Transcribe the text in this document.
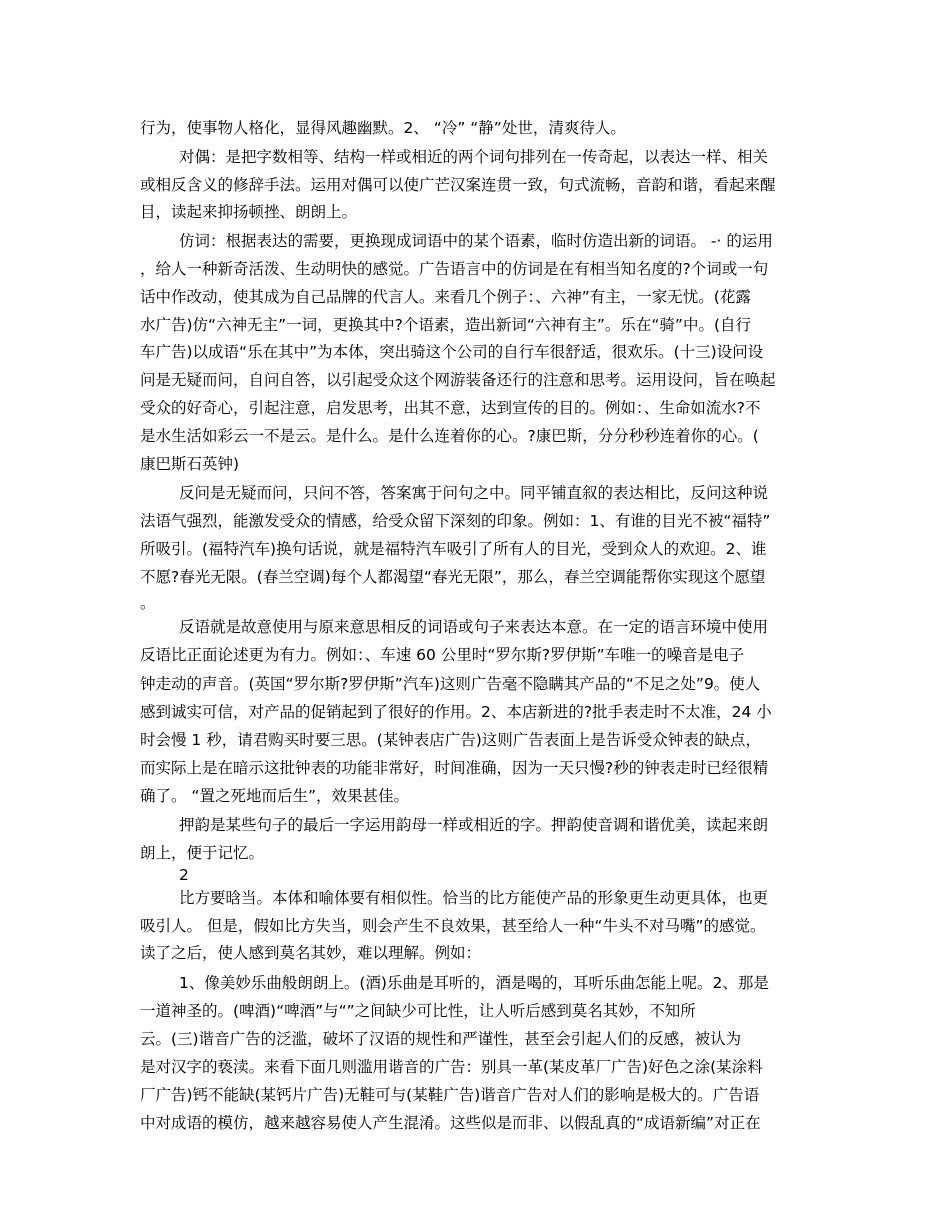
行为，使事物人格化，显得风趣幽默。2、 “冷” “静”处世，清爽待人。
对偶：是把字数相等、结构一样或相近的两个词句排列在一传奇起，以表达一样、相关
或相反含义的修辞手法。运用对偶可以使广芒汉案连贯一致，句式流畅，音韵和谐，看起来醒
目，读起来抑扬顿挫、朗朗上。
仿词：根据表达的需要，更换现成词语中的某个语素，临时仿造出新的词语。 -· 的运用
，给人一种新奇活泼、生动明快的感觉。广告语言中的仿词是在有相当知名度的?个词或一句
话中作改动，使其成为自己品牌的代言人。来看几个例子：、六神”有主，一家无忧。(花露
水广告)仿“六神无主”一词，更换其中?个语素，造出新词“六神有主”。乐在“骑”中。(自行
车广告)以成语“乐在其中”为本体，突出骑这个公司的自行车很舒适，很欢乐。(十三)设问设
问是无疑而问，自问自答，以引起受众这个网游装备还行的注意和思考。运用设问，旨在唤起
受众的好奇心，引起注意，启发思考，出其不意，达到宣传的目的。例如：、生命如流水?不
是水生活如彩云一不是云。是什么。是什么连着你的心。?康巴斯，分分秒秒连着你的心。(
康巴斯石英钟)
反问是无疑而问，只问不答，答案寓于问句之中。同平铺直叙的表达相比，反问这种说
法语气强烈，能激发受众的情感，给受众留下深刻的印象。例如：1、有谁的目光不被“福特”
所吸引。(福特汽车)换句话说，就是福特汽车吸引了所有人的目光，受到众人的欢迎。2、谁
不愿?春光无限。(春兰空调)每个人都渴望“春光无限”，那么，春兰空调能帮你实现这个愿望
。
反语就是故意使用与原来意思相反的词语或句子来表达本意。在一定的语言环境中使用
反语比正面论述更为有力。例如：、车速 60 公里时“罗尔斯?罗伊斯”车唯一的噪音是电子
钟走动的声音。(英国“罗尔斯?罗伊斯”汽车)这则广告毫不隐瞒其产品的“不足之处”9。使人
感到诚实可信，对产品的促销起到了很好的作用。2、本店新进的?批手表走时不太准，24 小
时会慢 1 秒，请君购买时要三思。(某钟表店广告)这则广告表面上是告诉受众钟表的缺点，
而实际上是在暗示这批钟表的功能非常好，时间准确，因为一天只慢?秒的钟表走时已经很精
确了。 “置之死地而后生”，效果甚佳。
押韵是某些句子的最后一字运用韵母一样或相近的字。押韵使音调和谐优美，读起来朗
朗上，便于记忆。
2
比方要晗当。本体和喻体要有相似性。恰当的比方能使产品的形象更生动更具体，也更
吸引人。 但是，假如比方失当，则会产生不良效果，甚至给人一种“牛头不对马嘴”的感觉。
读了之后，使人感到莫名其妙，难以理解。例如：
1、像美妙乐曲般朗朗上。(酒)乐曲是耳听的，酒是喝的，耳听乐曲怎能上呢。2、那是
一道神圣的。(啤酒)“啤酒”与“”之间缺少可比性，让人听后感到莫名其妙，不知所
云。(三)谐音广告的泛滥，破坏了汉语的规性和严谨性，甚至会引起人们的反感，被认为
是对汉字的亵渎。来看下面几则滥用谐音的广告：别具一革(某皮革厂广告)好色之涂(某涂料
厂广告)钙不能缺(某钙片广告)无鞋可与(某鞋广告)谐音广告对人们的影响是极大的。广告语
中对成语的模仿，越来越容易使人产生混淆。这些似是而非、以假乱真的“成语新编”对正在
